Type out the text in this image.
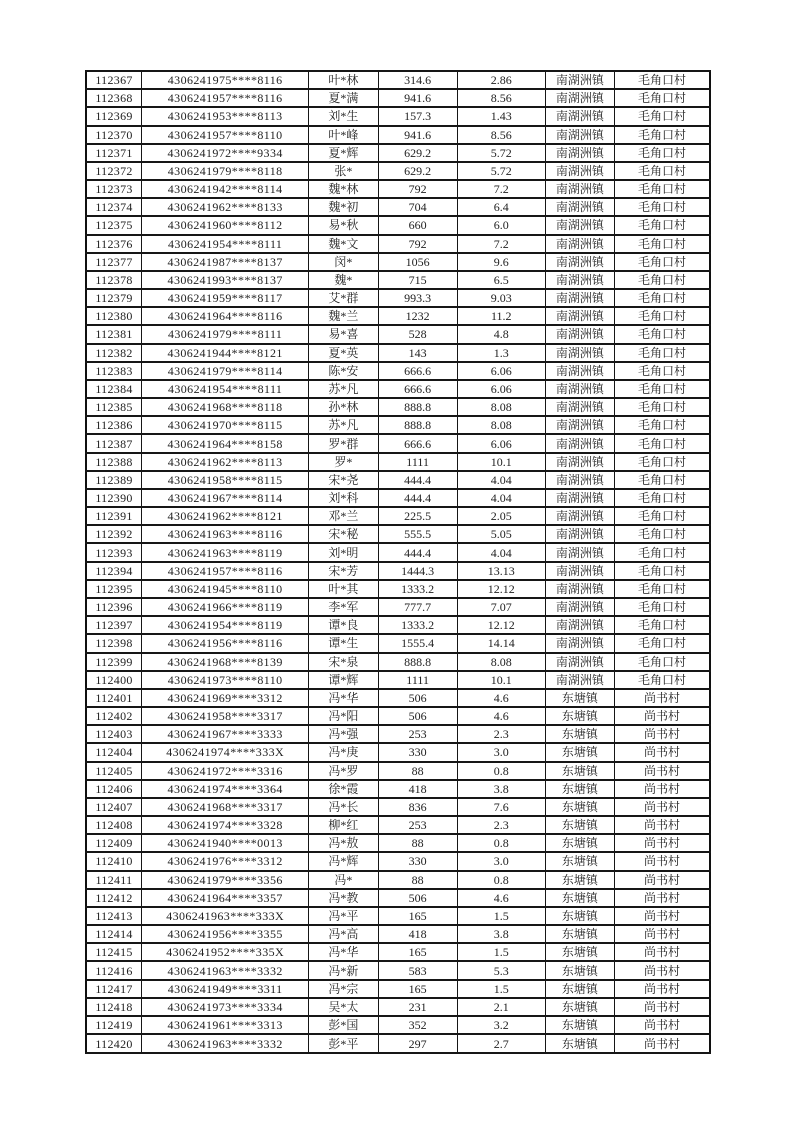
112367	4306241975****8116	叶*林	314.6	2.86	南湖洲镇	毛角口村
112368	4306241957****8116	夏*满	941.6	8.56	南湖洲镇	毛角口村
112369	4306241953****8113	刘*生	157.3	1.43	南湖洲镇	毛角口村
112370	4306241957****8110	叶*峰	941.6	8.56	南湖洲镇	毛角口村
112371	4306241972****9334	夏*辉	629.2	5.72	南湖洲镇	毛角口村
112372	4306241979****8118	张*	629.2	5.72	南湖洲镇	毛角口村
112373	4306241942****8114	魏*林	792	7.2	南湖洲镇	毛角口村
112374	4306241962****8133	魏*初	704	6.4	南湖洲镇	毛角口村
112375	4306241960****8112	易*秋	660	6.0	南湖洲镇	毛角口村
112376	4306241954****8111	魏*文	792	7.2	南湖洲镇	毛角口村
112377	4306241987****8137	闵*	1056	9.6	南湖洲镇	毛角口村
112378	4306241993****8137	魏*	715	6.5	南湖洲镇	毛角口村
112379	4306241959****8117	艾*群	993.3	9.03	南湖洲镇	毛角口村
112380	4306241964****8116	魏*兰	1232	11.2	南湖洲镇	毛角口村
112381	4306241979****8111	易*喜	528	4.8	南湖洲镇	毛角口村
112382	4306241944****8121	夏*英	143	1.3	南湖洲镇	毛角口村
112383	4306241979****8114	陈*安	666.6	6.06	南湖洲镇	毛角口村
112384	4306241954****8111	苏*凡	666.6	6.06	南湖洲镇	毛角口村
112385	4306241968****8118	孙*林	888.8	8.08	南湖洲镇	毛角口村
112386	4306241970****8115	苏*凡	888.8	8.08	南湖洲镇	毛角口村
112387	4306241964****8158	罗*群	666.6	6.06	南湖洲镇	毛角口村
112388	4306241962****8113	罗*	1111	10.1	南湖洲镇	毛角口村
112389	4306241958****8115	宋*尧	444.4	4.04	南湖洲镇	毛角口村
112390	4306241967****8114	刘*科	444.4	4.04	南湖洲镇	毛角口村
112391	4306241962****8121	邓*兰	225.5	2.05	南湖洲镇	毛角口村
112392	4306241963****8116	宋*秘	555.5	5.05	南湖洲镇	毛角口村
112393	4306241963****8119	刘*明	444.4	4.04	南湖洲镇	毛角口村
112394	4306241957****8116	宋*芳	1444.3	13.13	南湖洲镇	毛角口村
112395	4306241945****8110	叶*其	1333.2	12.12	南湖洲镇	毛角口村
112396	4306241966****8119	李*军	777.7	7.07	南湖洲镇	毛角口村
112397	4306241954****8119	谭*良	1333.2	12.12	南湖洲镇	毛角口村
112398	4306241956****8116	谭*生	1555.4	14.14	南湖洲镇	毛角口村
112399	4306241968****8139	宋*泉	888.8	8.08	南湖洲镇	毛角口村
112400	4306241973****8110	谭*辉	1111	10.1	南湖洲镇	毛角口村
112401	4306241969****3312	冯*华	506	4.6	东塘镇	尚书村
112402	4306241958****3317	冯*阳	506	4.6	东塘镇	尚书村
112403	4306241967****3333	冯*强	253	2.3	东塘镇	尚书村
112404	4306241974****333X	冯*庚	330	3.0	东塘镇	尚书村
112405	4306241972****3316	冯*罗	88	0.8	东塘镇	尚书村
112406	4306241974****3364	徐*霞	418	3.8	东塘镇	尚书村
112407	4306241968****3317	冯*长	836	7.6	东塘镇	尚书村
112408	4306241974****3328	柳*红	253	2.3	东塘镇	尚书村
112409	4306241940****0013	冯*敖	88	0.8	东塘镇	尚书村
112410	4306241976****3312	冯*辉	330	3.0	东塘镇	尚书村
112411	4306241979****3356	冯*	88	0.8	东塘镇	尚书村
112412	4306241964****3357	冯*教	506	4.6	东塘镇	尚书村
112413	4306241963****333X	冯*平	165	1.5	东塘镇	尚书村
112414	4306241956****3355	冯*高	418	3.8	东塘镇	尚书村
112415	4306241952****335X	冯*华	165	1.5	东塘镇	尚书村
112416	4306241963****3332	冯*新	583	5.3	东塘镇	尚书村
112417	4306241949****3311	冯*宗	165	1.5	东塘镇	尚书村
112418	4306241973****3334	吴*太	231	2.1	东塘镇	尚书村
112419	4306241961****3313	彭*国	352	3.2	东塘镇	尚书村
112420	4306241963****3332	彭*平	297	2.7	东塘镇	尚书村
